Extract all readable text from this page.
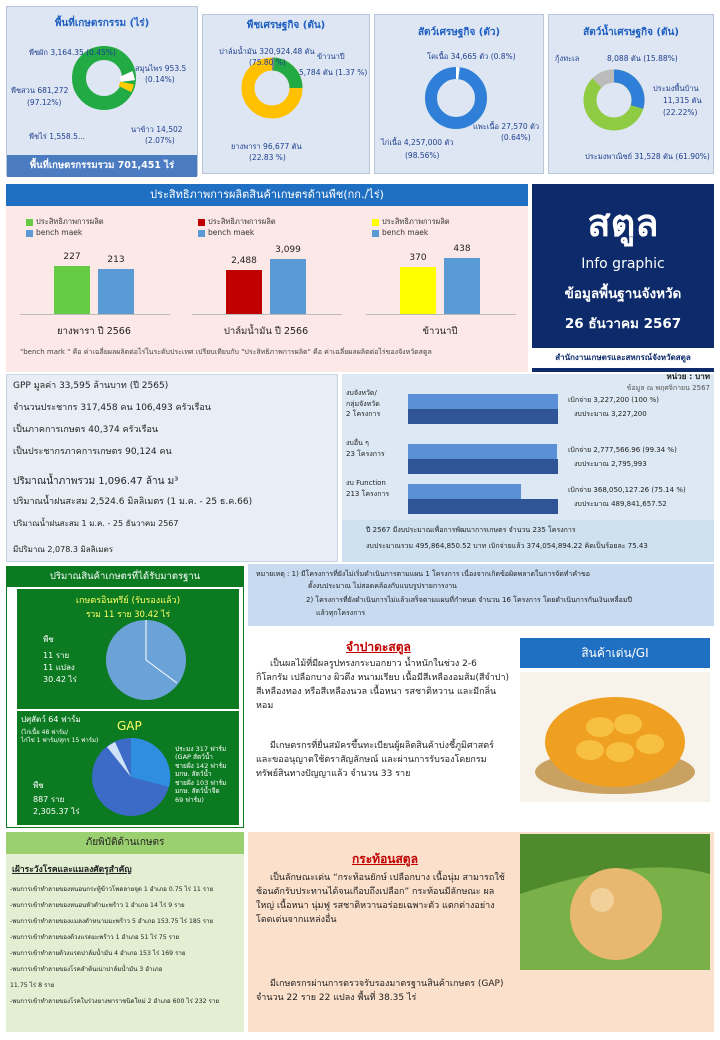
พื้นที่เกษตรกรรม (ไร่)
พืชผัก 3,164.35 (0.45%)
สมุนไพร 953.5
(0.14%)
พืชสวน 681,272
(97.12%)
พืชไร่ 1,558.5...
นาข้าว 14,502
(2.07%)
พื้นที่เกษตรกรรมรวม 701,451 ไร่
พืชเศรษฐกิจ (ตัน)
ปาล์มน้ำมัน 320,924.48 ตัน
(75.80 %)
ข้าวนาปี
5,784 ตัน (1.37 %)
ยางพารา 96,677 ตัน
(22.83 %)
สัตว์เศรษฐกิจ (ตัว)
โคเนื้อ 34,665 ตัว (0.8%)
แพะเนื้อ 27,570 ตัว
(0.64%)
ไก่เนื้อ 4,257,000 ตัว
(98.56%)
สัตว์น้ำเศรษฐกิจ (ตัน)
กุ้งทะเล	8,088 ตัน (15.88%)
ประมงพื้นบ้าน
11,315 ตัน
(22.22%)
ประมงพาณิชย์ 31,528 ตัน (61.90%)
ประสิทธิภาพการผลิตสินค้าเกษตรด้านพืช(กก./ไร่)
ประสิทธิภาพการผลิต
bench maek
227	213
ยางพารา ปี 2566
ประสิทธิภาพการผลิต
bench maek
2,488
3,099
ปาล์มน้ำมัน ปี 2566
ประสิทธิภาพการผลิต
bench maek
370
438
ข้าวนาปี
"bench mark " คือ ค่าเฉลี่ยผลผลิตต่อไร่ในระดับประเทศ เปรียบเทียบกับ "ประสิทธิภาพการผลิต" คือ ค่าเฉลี่ยผลผลิตต่อไร่ของจังหวัดสตูล
สตูล
Info graphic
ข้อมูลพื้นฐานจังหวัด
26 ธันวาคม 2567
สำนักงานเกษตรและสหกรณ์จังหวัดสตูล
GPP มูลค่า 33,595 ล้านบาท (ปี 2565)
จำนวนประชากร 317,458 คน 106,493 ครัวเรือน
เป็นภาคการเกษตร 40,374 ครัวเรือน
เป็นประชากรภาคการเกษตร 90,124 คน
ปริมาณน้ำภาพรวม 1,096.47 ล้าน ม³
ปริมาณน้ำฝนสะสม 2,524.6 มิลลิเมตร (1 ม.ค. - 25 ธ.ค.66)
ปริมาณน้ำฝนสะสม 1 ม.ค. - 25 ธันวาคม 2567
มีปริมาณ 2,078.3 มิลลิเมตร
หน่วย : บาท
ข้อมูล ณ พฤศจิกายน 2567
งบจังหวัด/
กลุ่มจังหวัด
2 โครงการ
เบิกจ่าย 3,227,200 (100 %)
งบประมาณ 3,227,200
งบอื่น ๆ
23 โครงการ	เบิกจ่าย 2,777,566.96 (99.34 %)
งบประมาณ 2,795,993
งบ Function
213 โครงการ	เบิกจ่าย 368,050,127.26 (75.14 %)
งบประมาณ 489,841,657.52
ปี 2567 มีงบประมาณเพื่อการพัฒนาการเกษตร จำนวน 235 โครงการ
งบประมาณรวม 495,864,850.52 บาท เบิกจ่ายแล้ว 374,054,894.22 คิดเป็นร้อยละ 75.43
หมายเหตุ : 1) มีโครงการที่ยังไม่เริ่มดำเนินการตามแผน 1 โครงการ เนื่องจากเกิดข้อผิดพลาดในการจัดทำคำขอ
ตั้งงบประมาณ ไม่สอดคล้องกับแบบรูปรายการงาน
2) โครงการที่ยังดำเนินการไม่แล้วเสร็จตามแผนที่กำหนด จำนวน 16 โครงการ โดยดำเนินการกันเงินเหลื่อมปี
แล้วทุกโครงการ
ปริมาณสินค้าเกษตรที่ได้รับมาตรฐาน
เกษตรอินทรีย์ (รับรองแล้ว)
รวม 11 ราย 30.42 ไร่
พืช
11 ราย
11 แปลง
30.42 ไร่
GAP
ปศุสัตว์ 64 ฟาร์ม
(ไก่เนื้อ 48 ฟาร์ม/
ไก่ไข่ 1 ฟาร์ม/สุกร 15 ฟาร์ม)
ประมง 317 ฟาร์ม
(GAP สัตว์น้ำ
ชายฝั่ง 142 ฟาร์ม
มกษ. สัตว์น้ำ
ชายฝั่ง 103 ฟาร์ม
มกษ. สัตว์น้ำจืด
69 ฟาร์ม)
พืช
887 ราย
2,305.37 ไร่
จำปาดะสตูล	สินค้าเด่น/GI
เป็นผลไม้ที่มีผลรูปทรงกระบอกยาว น้ำหนักในช่วง 2-6 กิโลกรัม เปลือกบาง ผิวตึง หนามเรียบ เนื้อมีสีเหลืองอมส้ม(สีจำปา) สีเหลืองทอง หรือสีเหลืองนวล เนื้อหนา รสชาติหวาน และมีกลิ่นหอม
มีเกษตรกรที่ยื่นสมัครขึ้นทะเบียนผู้ผลิตสินค้าบ่งชี้ภูมิศาสตร์และขออนุญาตใช้ตราสัญลักษณ์ และผ่านการรับรองโดยกรมทรัพย์สินทางปัญญาแล้ว จำนวน 33 ราย
ภัยพิบัติด้านเกษตร
เฝ้าระวังโรคและแมลงศัตรูสำคัญ
-พบการเข้าทำลายของหนอนกระทู้ข้าวโพดลายจุด 1 อำเภอ 0.75 ไร่ 11 ราย
-พบการเข้าทำลายของหนอนหัวดำมะพร้าว 1 อำเภอ 14 ไร่ 9 ราย
-พบการเข้าทำลายของแมลงดำหนามมะพร้าว 5 อำเภอ 153.75 ไร่ 185 ราย
-พบการเข้าทำลายของด้วงแรดมะพร้าว 1 อำเภอ 51 ไร่ 75 ราย
-พบการเข้าทำลายด้วงแรดปาล์มน้ำมัน 4 อำเภอ 153 ไร่ 169 ราย
-พบการเข้าทำลายของโรคลำต้นเน่าปาล์มน้ำมัน 3 อำเภอ
11.75 ไร่ 8 ราย
-พบการเข้าทำลายของโรคใบร่วงยางพาราชนิดใหม่ 2 อำเภอ 600 ไร่ 232 ราย
กระท้อนสตูล
เป็นลักษณะเด่น “กระท้อนยักษ์ เปลือกบาง เนื้อนุ่ม สามารถใช้ช้อนตักรับประทานได้จนเกือบถึงเปลือก” กระท้อนมีลักษณะ ผลใหญ่ เนื้อหนา นุ่มฟู รสชาติหวานอร่อยเฉพาะตัว แตกต่างอย่างโดดเด่นจากแหล่งอื่น
มีเกษตรกรผ่านการตรวจรับรองมาตรฐานสินค้าเกษตร (GAP) จำนวน 22 ราย 22 แปลง พื้นที่ 38.35 ไร่
